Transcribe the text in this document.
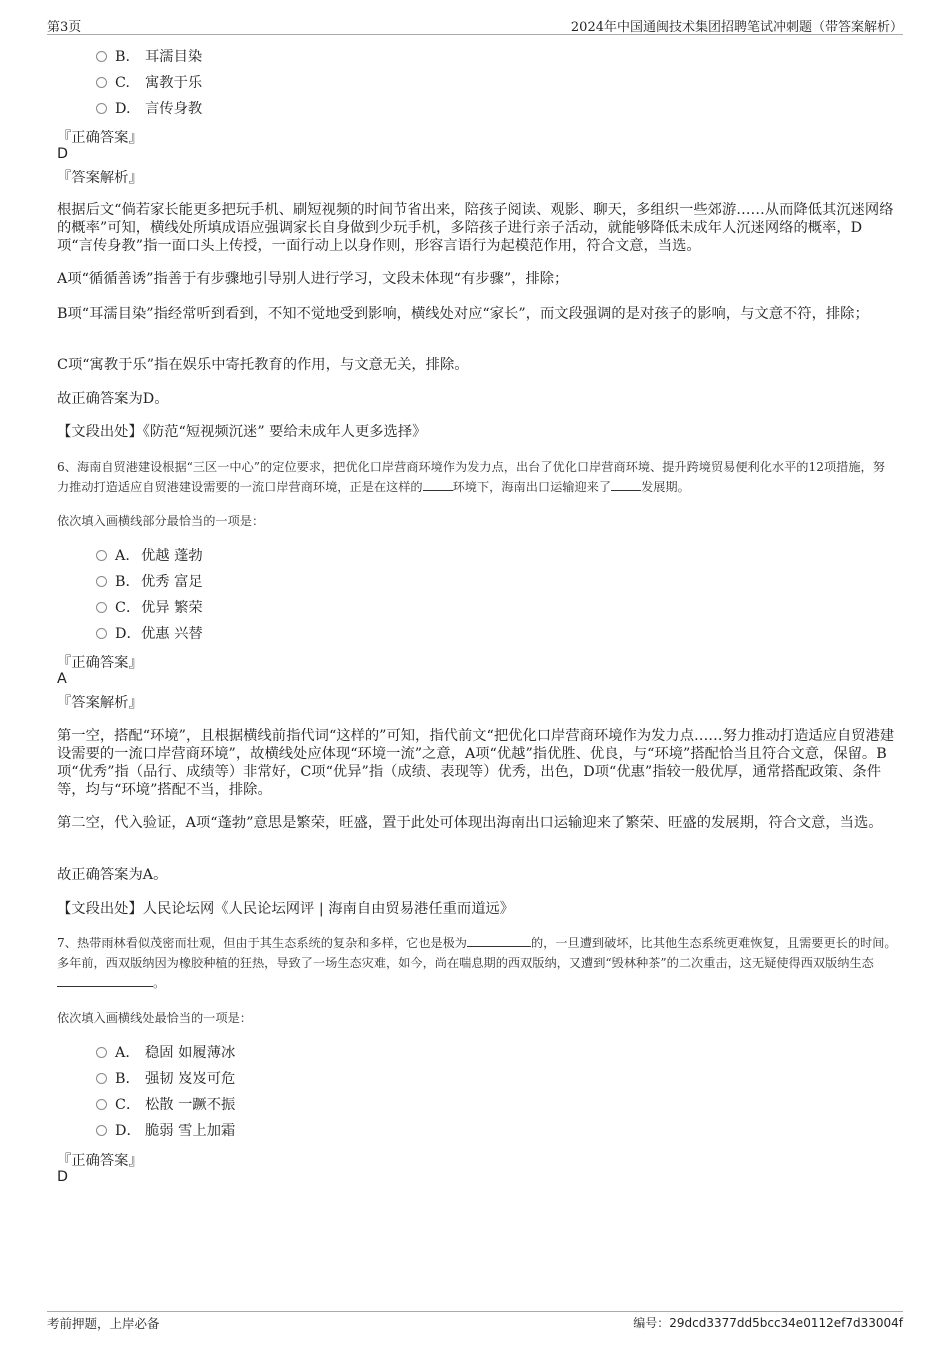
第3页	2024年中国通闽技术集团招聘笔试冲刺题（带答案解析）
B. 耳濡目染
C. 寓教于乐
D. 言传身教
『正确答案』
D
『答案解析』
根据后文“倘若家长能更多把玩手机、刷短视频的时间节省出来，陪孩子阅读、观影、聊天，多组织一些郊游……从而降低其沉迷网络的概率”可知，横线处所填成语应强调家长自身做到少玩手机，多陪孩子进行亲子活动，就能够降低未成年人沉迷网络的概率，D项“言传身教”指一面口头上传授，一面行动上以身作则，形容言语行为起模范作用，符合文意，当选。
A项“循循善诱”指善于有步骤地引导别人进行学习，文段未体现“有步骤”，排除；
B项“耳濡目染”指经常听到看到，不知不觉地受到影响，横线处对应“家长”，而文段强调的是对孩子的影响，与文意不符，排除；
C项“寓教于乐”指在娱乐中寄托教育的作用，与文意无关，排除。
故正确答案为D。
【文段出处】《防范“短视频沉迷” 要给未成年人更多选择》
6、海南自贸港建设根据“三区一中心”的定位要求，把优化口岸营商环境作为发力点，出台了优化口岸营商环境、提升跨境贸易便利化水平的12项措施，努力推动打造适应自贸港建设需要的一流口岸营商环境，正是在这样的 环境下，海南出口运输迎来了 发展期。
依次填入画横线部分最恰当的一项是：
A．优越 蓬勃
B．优秀 富足
C．优异 繁荣
D．优惠 兴替
『正确答案』
A
『答案解析』
第一空，搭配“环境”，且根据横线前指代词“这样的”可知，指代前文“把优化口岸营商环境作为发力点……努力推动打造适应自贸港建设需要的一流口岸营商环境”，故横线处应体现“环境一流”之意，A项“优越”指优胜、优良，与“环境”搭配恰当且符合文意，保留。B项“优秀”指（品行、成绩等）非常好，C项“优异”指（成绩、表现等）优秀，出色，D项“优惠”指较一般优厚，通常搭配政策、条件等，均与“环境”搭配不当，排除。
第二空，代入验证，A项“蓬勃”意思是繁荣，旺盛，置于此处可体现出海南出口运输迎来了繁荣、旺盛的发展期，符合文意，当选。
故正确答案为A。
【文段出处】人民论坛网《人民论坛网评 | 海南自由贸易港任重而道远》
7、热带雨林看似茂密而壮观，但由于其生态系统的复杂和多样，它也是极为	的，一旦遭到破坏，比其他生态系统更难恢复，且需要更长的时间。多年前，西双版纳因为橡胶种植的狂热，导致了一场生态灾难，如今，尚在喘息期的西双版纳，又遭到“毁林种茶”的二次重击，这无疑使得西双版纳生态。
依次填入画横线处最恰当的一项是：
A． 稳固 如履薄冰
B． 强韧 岌岌可危
C． 松散 一蹶不振
D． 脆弱 雪上加霜
『正确答案』
D
考前押题，上岸必备	编号：29dcd3377dd5bcc34e0112ef7d33004f
